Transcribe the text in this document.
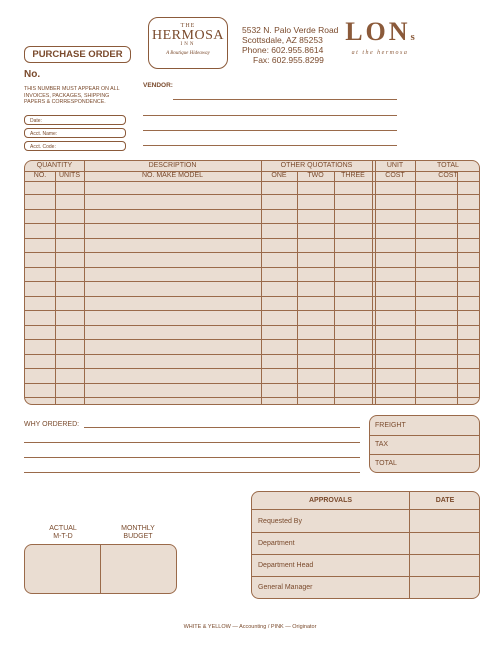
THE
HERMOSA
INN
A Boutique Hideaway
5532 N. Palo Verde Road
Scottsdale, AZ 85253
Phone: 602.955.8614
Fax: 602.955.8299
LONs
at the hermosa
PURCHASE ORDER
No.
THIS NUMBER MUST APPEAR ON ALL INVOICES, PACKAGES, SHIPPING PAPERS & CORRESPONDENCE.
Date:
Acct. Name:
Acct. Code:
VENDOR:
QUANTITY	DESCRIPTION	OTHER QUOTATIONS	UNIT	TOTAL
NO.	UNITS	NO. MAKE MODEL	ONE	TWO	THREE	COST	COST
WHY ORDERED:	FREIGHT
TAX
TOTAL
APPROVALS	DATE
Requested By
Department
Department Head
General Manager
ACTUAL
M-T-D
MONTHLY
BUDGET
WHITE & YELLOW — Accounting / PINK — Originator
